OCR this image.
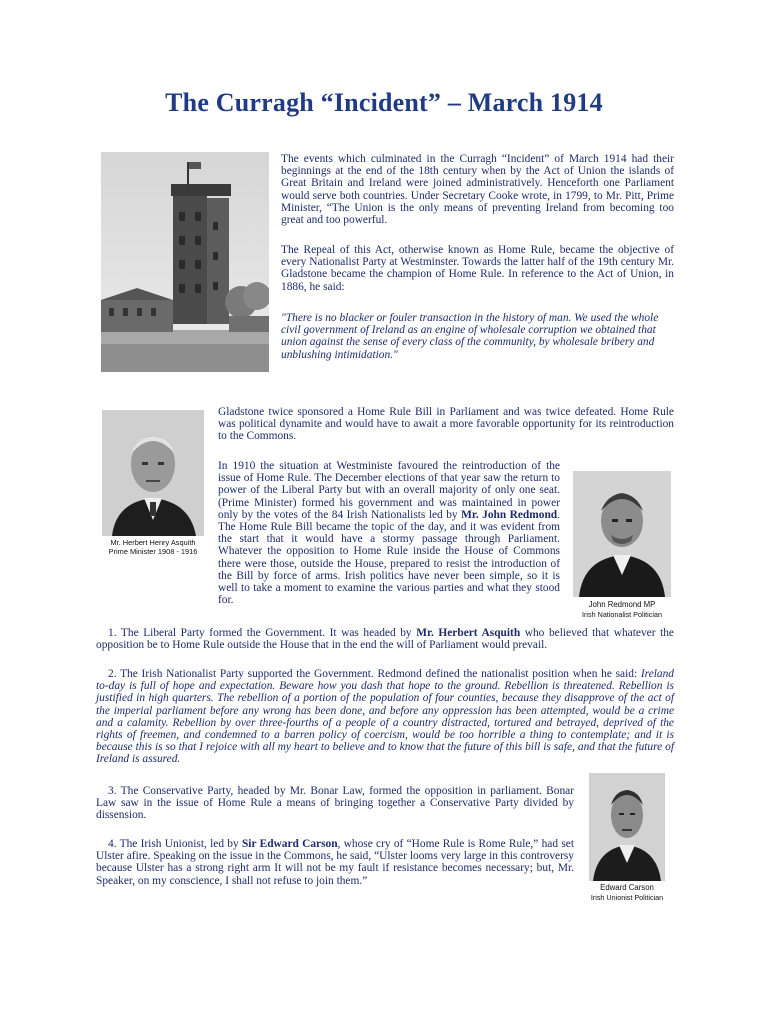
The Curragh “Incident” – March 1914
Mr. Herbert Henry Asquith
Prime Minister 1908 - 1916
John Redmond MP
Irish Nationalist Politician
Edward Carson
Irish Unionist Politician

The events which culminated in the Curragh “Incident” of March 1914 had their beginnings at the end of the 18th century when by the Act of Union the islands of Great Britain and Ireland were joined administratively. Henceforth one Parliament would serve both countries. Under Secretary Cooke wrote, in 1799, to Mr. Pitt, Prime Minister, “The Union is the only means of preventing Ireland from becoming too great and too powerful.

The Repeal of this Act, otherwise known as Home Rule, became the objective of every Nationalist Party at Westminster. Towards the latter half of the 19th century Mr. Gladstone became the champion of Home Rule. In reference to the Act of Union, in 1886, he said:

"There is no blacker or fouler transaction in the history of man. We used the whole civil government of Ireland as an engine of wholesale corruption we obtained that union against the sense of every class of the community, by wholesale bribery and unblushing intimidation."

Gladstone twice sponsored a Home Rule Bill in Parliament and was twice defeated. Home Rule was political dynamite and would have to await a more favorable opportunity for its reintroduction to the Commons.

In 1910 the situation at Westministe favoured the reintroduction of the issue of Home Rule. The December elections of that year saw the return to power of the Liberal Party but with an overall majority of only one seat. (Prime Minister) formed his government and was maintained in power only by the votes of the 84 Irish Nationalists led by Mr. John Redmond. The Home Rule Bill became the topic of the day, and it was evident from the start that it would have a stormy passage through Parliament. Whatever the opposition to Home Rule inside the House of Commons there were those, outside the House, prepared to resist the introduction of the Bill by force of arms. Irish politics have never been simple, so it is well to take a moment to examine the various parties and what they stood for.

1. The Liberal Party formed the Government. It was headed by Mr. Herbert Asquith who believed that whatever the opposition be to Home Rule outside the House that in the end the will of Parliament would prevail.

2. The Irish Nationalist Party supported the Government. Redmond defined the nationalist position when he said: Ireland to-day is full of hope and expectation. Beware how you dash that hope to the ground. Rebellion is threatened. Rebellion is justified in high quarters. The rebellion of a portion of the population of four counties, because they disapprove of the act of the imperial parliament before any wrong has been done, and before any oppression has been attempted, would be a crime and a calamity. Rebellion by over three-fourths of a people of a country distracted, tortured and betrayed, deprived of the rights of freemen, and condemned to a barren policy of coercism, would be too horrible a thing to contemplate; and it is because this is so that I rejoice with all my heart to believe and to know that the future of this bill is safe, and that the future of Ireland is assured.

3. The Conservative Party, headed by Mr. Bonar Law, formed the opposition in parliament. Bonar Law saw in the issue of Home Rule a means of bringing together a Conservative Party divided by dissension.

4. The Irish Unionist, led by Sir Edward Carson, whose cry of “Home Rule is Rome Rule,” had set Ulster afire. Speaking on the issue in the Commons, he said, “Ulster looms very large in this controversy because Ulster has a strong right arm It will not be my fault if resistance becomes necessary; but, Mr. Speaker, on my conscience, I shall not refuse to join them.”
